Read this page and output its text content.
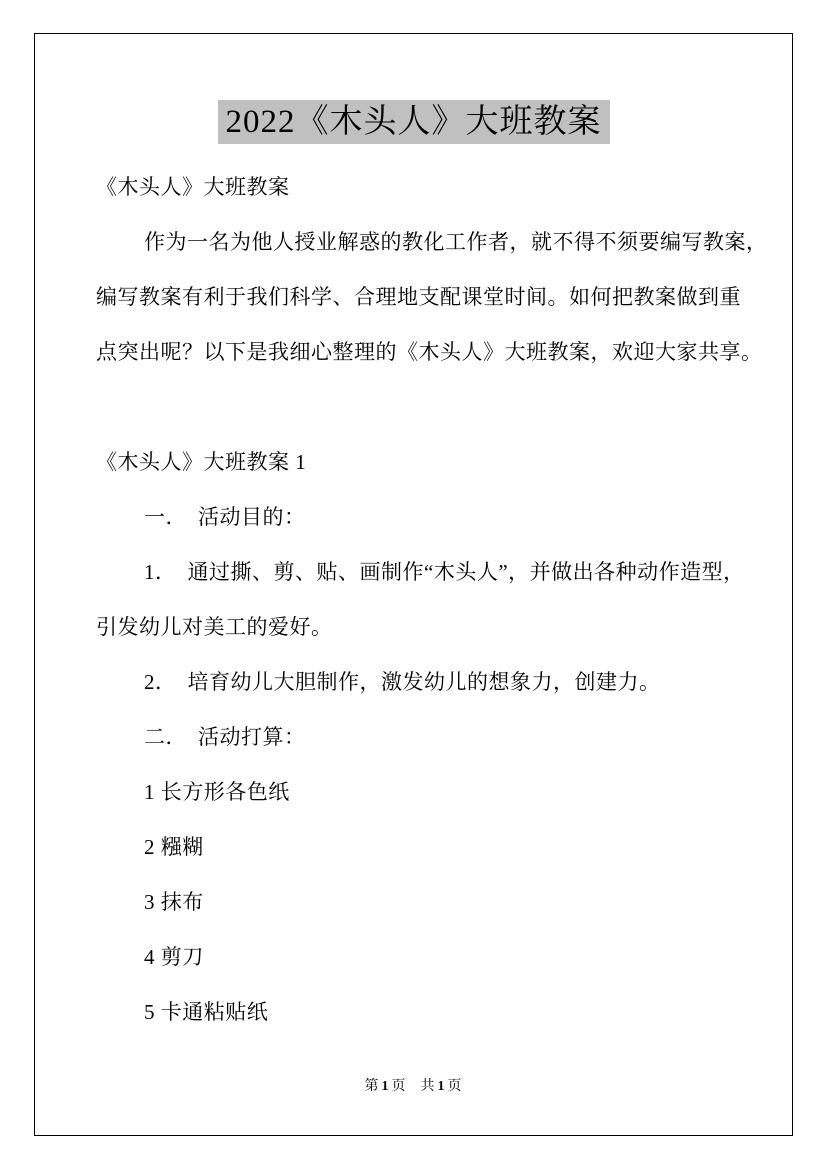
2022《木头人》大班教案
《木头人》大班教案
作为一名为他人授业解惑的教化工作者，就不得不须要编写教案，
编写教案有利于我们科学、合理地支配课堂时间。如何把教案做到重
点突出呢？以下是我细心整理的《木头人》大班教案，欢迎大家共享。
《木头人》大班教案 1
一．　活动目的：
1．　通过撕、剪、贴、画制作“木头人”，并做出各种动作造型，
引发幼儿对美工的爱好。
2．　培育幼儿大胆制作，激发幼儿的想象力，创建力。
二．　活动打算：
1 长方形各色纸
2 糨糊
3 抹布
4 剪刀
5 卡通粘贴纸
第 1 页 共 1 页
